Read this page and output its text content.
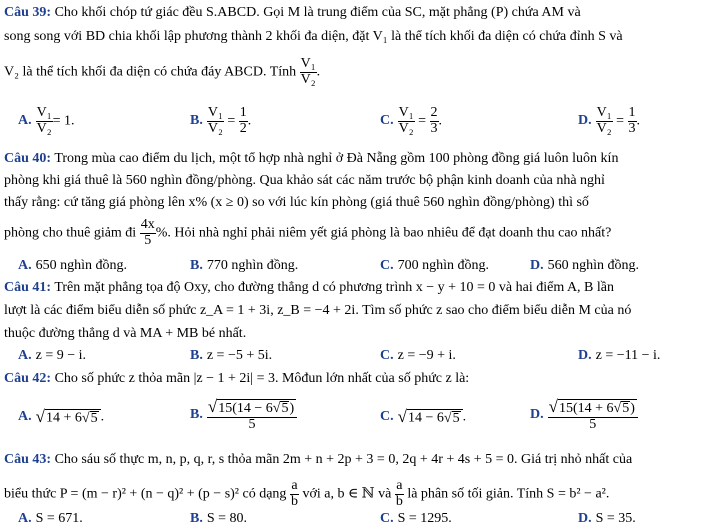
Câu 39: Cho khối chóp tứ giác đều S.ABCD. Gọi M là trung điểm của SC, mặt phẳng (P) chứa AM và
song song với BD chia khối lập phương thành 2 khối đa diện, đặt V₁ là thể tích khối đa diện có chứa đỉnh S và
V₂ là thể tích khối đa diện có chứa đáy ABCD. Tính $\frac{\text{V₁}}{\text{V₂}}$ .
A. $\frac{\text{V₁}}{\text{V₂}} = 1$.	B. $\frac{\text{V₁}}{\text{V₂}} = \frac{1}{2}$ .	C. $\frac{\text{V₁}}{\text{V₂}} = \frac{2}{3}$ .	D. $\frac{\text{V₁}}{\text{V₂}} = \frac{1}{3}$ .
Câu 40: Trong mùa cao điểm du lịch, một tổ hợp nhà nghỉ ở Đà Nẵng gồm 100 phòng đồng giá luôn luôn kín
phòng khi giá thuê là 560 nghìn đồng/phòng. Qua khảo sát các năm trước bộ phận kinh doanh của nhà nghỉ
thấy rằng: cứ tăng giá phòng lên x% (x ≥ 0) so với lúc kín phòng (giá thuê 560 nghìn đồng/phòng) thì số
phòng cho thuê giảm đi $\frac{4x}{5}$ %. Hỏi nhà nghỉ phải niêm yết giá phòng là bao nhiêu để đạt doanh thu cao nhất?
A. 650 nghìn đồng.	B. 770 nghìn đồng.	C. 700 nghìn đồng.	D. 560 nghìn đồng.
Câu 41: Trên mặt phẳng tọa độ Oxy, cho đường thẳng d có phương trình x − y + 10 = 0 và hai điểm A, B lần
lượt là các điểm biểu diễn số phức z_A = 1 + 3i, z_B = −4 + 2i. Tìm số phức z sao cho điểm biểu diễn M của nó
thuộc đường thẳng d và MA + MB bé nhất.
A. z = 9 − i.	B. z = −5 + 5i.	C. z = −9 + i.	D. z = −11 − i.
Câu 42: Cho số phức z thỏa mãn |z − 1 + 2i| = 3. Môđun lớn nhất của số phức z là:
A. √14 + 6√5 .	B. $\frac{√15(14 - 6√5)}{5}$	C. √14 − 6√5 .	D. $\frac{√15(14 + 6√5)}{5}$
Câu 43: Cho sáu số thực m, n, p, q, r, s thỏa mãn 2m + n + 2p + 3 = 0, 2q + 4r + 4s + 5 = 0. Giá trị nhỏ nhất của
biểu thức P = (m − r)² + (n − q)² + (p − s)² có dạng $\frac{a}{b}$ với a, b ∈ ℕ và $\frac{a}{b}$ là phân số tối giản. Tính S = b² − a².
A. S = 671.	B. S = 80.	C. S = 1295.	D. S = 35.
